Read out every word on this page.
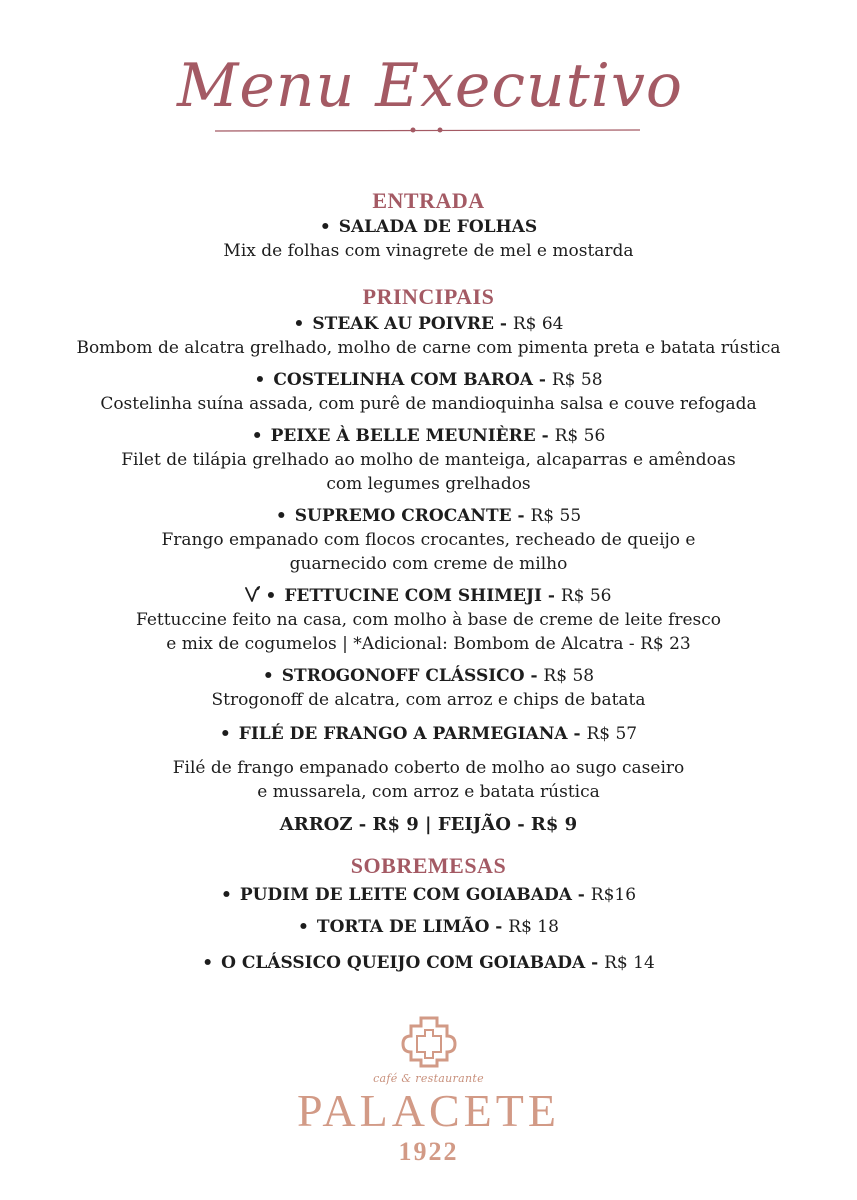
Menu Executivo
ENTRADA
• SALADA DE FOLHAS
Mix de folhas com vinagrete de mel e mostarda
PRINCIPAIS
• STEAK AU POIVRE - R$ 64
Bombom de alcatra grelhado, molho de carne com pimenta preta e batata rústica
• COSTELINHA COM BAROA - R$ 58
Costelinha suína assada, com purê de mandioquinha salsa e couve refogada
• PEIXE À BELLE MEUNIÈRE - R$ 56
Filet de tilápia grelhado ao molho de manteiga, alcaparras e amêndoas
com legumes grelhados
• SUPREMO CROCANTE - R$ 55
Frango empanado com flocos crocantes, recheado de queijo e
guarnecido com creme de milho
• FETTUCINE COM SHIMEJI - R$ 56
Fettuccine feito na casa, com molho à base de creme de leite fresco
e mix de cogumelos | *Adicional: Bombom de Alcatra - R$ 23
• STROGONOFF CLÁSSICO - R$ 58
Strogonoff de alcatra, com arroz e chips de batata
• FILÉ DE FRANGO A PARMEGIANA - R$ 57
Filé de frango empanado coberto de molho ao sugo caseiro
e mussarela, com arroz e batata rústica
ARROZ - R$ 9 | FEIJÃO - R$ 9
SOBREMESAS
• PUDIM DE LEITE COM GOIABADA - R$16
• TORTA DE LIMÃO - R$ 18
• O CLÁSSICO QUEIJO COM GOIABADA - R$ 14
café & restaurante
PALACETE
1922
